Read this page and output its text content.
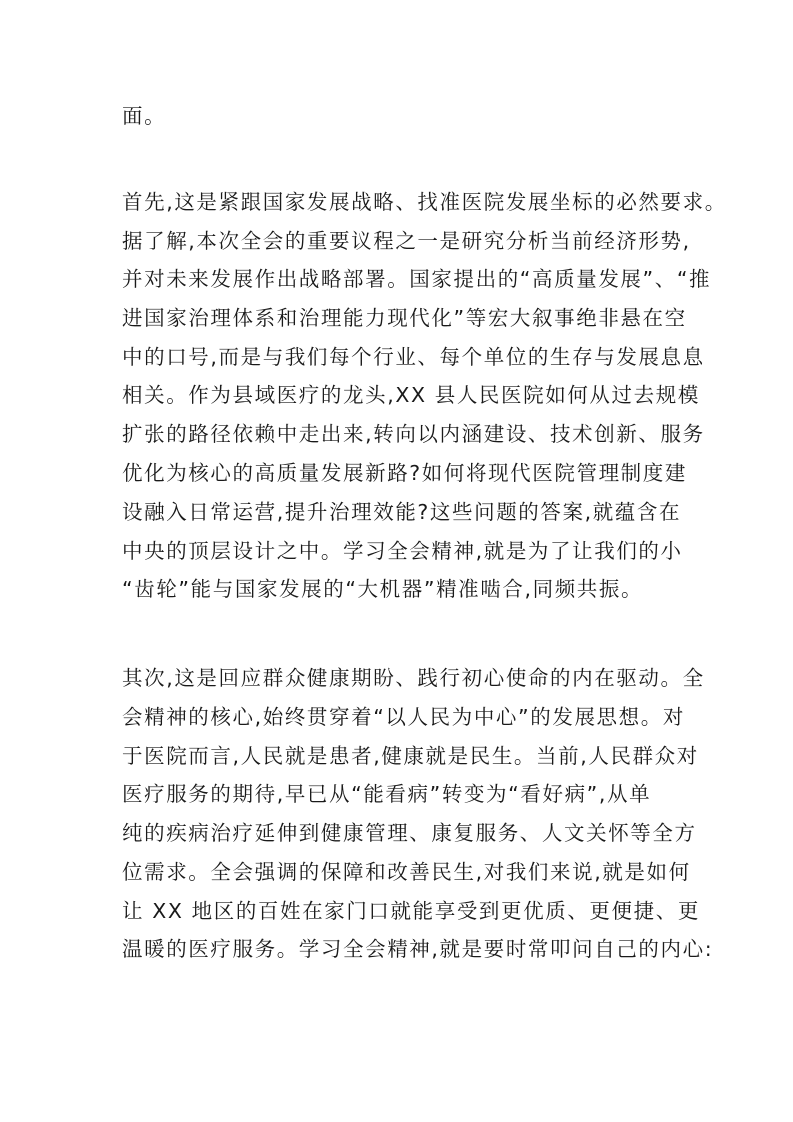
面。
首先,这是紧跟国家发展战略、找准医院发展坐标的必然要求。
据了解,本次全会的重要议程之一是研究分析当前经济形势,
并对未来发展作出战略部署。国家提出的“高质量发展”、“推
进国家治理体系和治理能力现代化”等宏大叙事绝非悬在空
中的口号,而是与我们每个行业、每个单位的生存与发展息息
相关。作为县域医疗的龙头,XX 县人民医院如何从过去规模
扩张的路径依赖中走出来,转向以内涵建设、技术创新、服务
优化为核心的高质量发展新路?如何将现代医院管理制度建
设融入日常运营,提升治理效能?这些问题的答案,就蕴含在
中央的顶层设计之中。学习全会精神,就是为了让我们的小
“齿轮”能与国家发展的“大机器”精准啮合,同频共振。
其次,这是回应群众健康期盼、践行初心使命的内在驱动。全
会精神的核心,始终贯穿着“以人民为中心”的发展思想。对
于医院而言,人民就是患者,健康就是民生。当前,人民群众对
医疗服务的期待,早已从“能看病”转变为“看好病”,从单
纯的疾病治疗延伸到健康管理、康复服务、人文关怀等全方
位需求。全会强调的保障和改善民生,对我们来说,就是如何
让 XX 地区的百姓在家门口就能享受到更优质、更便捷、更
温暖的医疗服务。学习全会精神,就是要时常叩问自己的内心:
